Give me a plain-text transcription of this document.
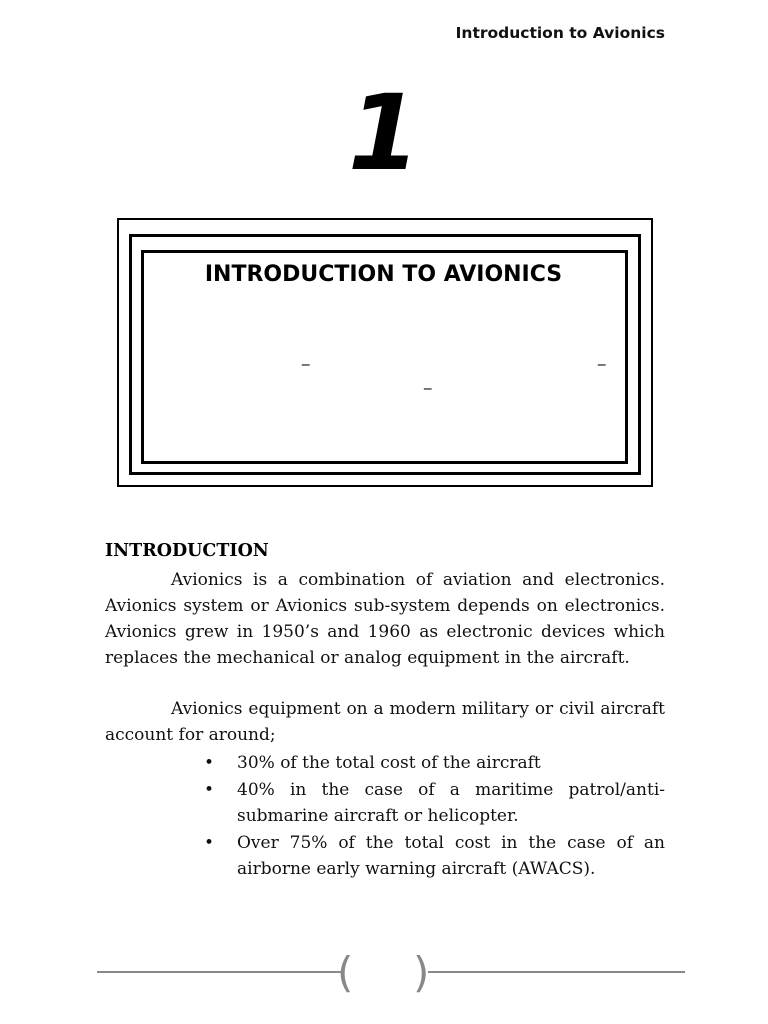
Introduction to Avionics
1
INTRODUCTION TO AVIONICS
_	_
_
INTRODUCTION

Avionics is a combination of aviation and electronics. Avionics system or Avionics sub-system depends on electronics. Avionics grew in 1950’s and 1960 as electronic devices which replaces the mechanical or analog equipment in the aircraft.

Avionics equipment on a modern military or civil aircraft account for around;

• 30% of the total cost of the aircraft
• 40% in the case of a maritime patrol/anti-submarine aircraft or helicopter.
• Over 75% of the total cost in the case of an airborne early warning aircraft (AWACS).
( )
